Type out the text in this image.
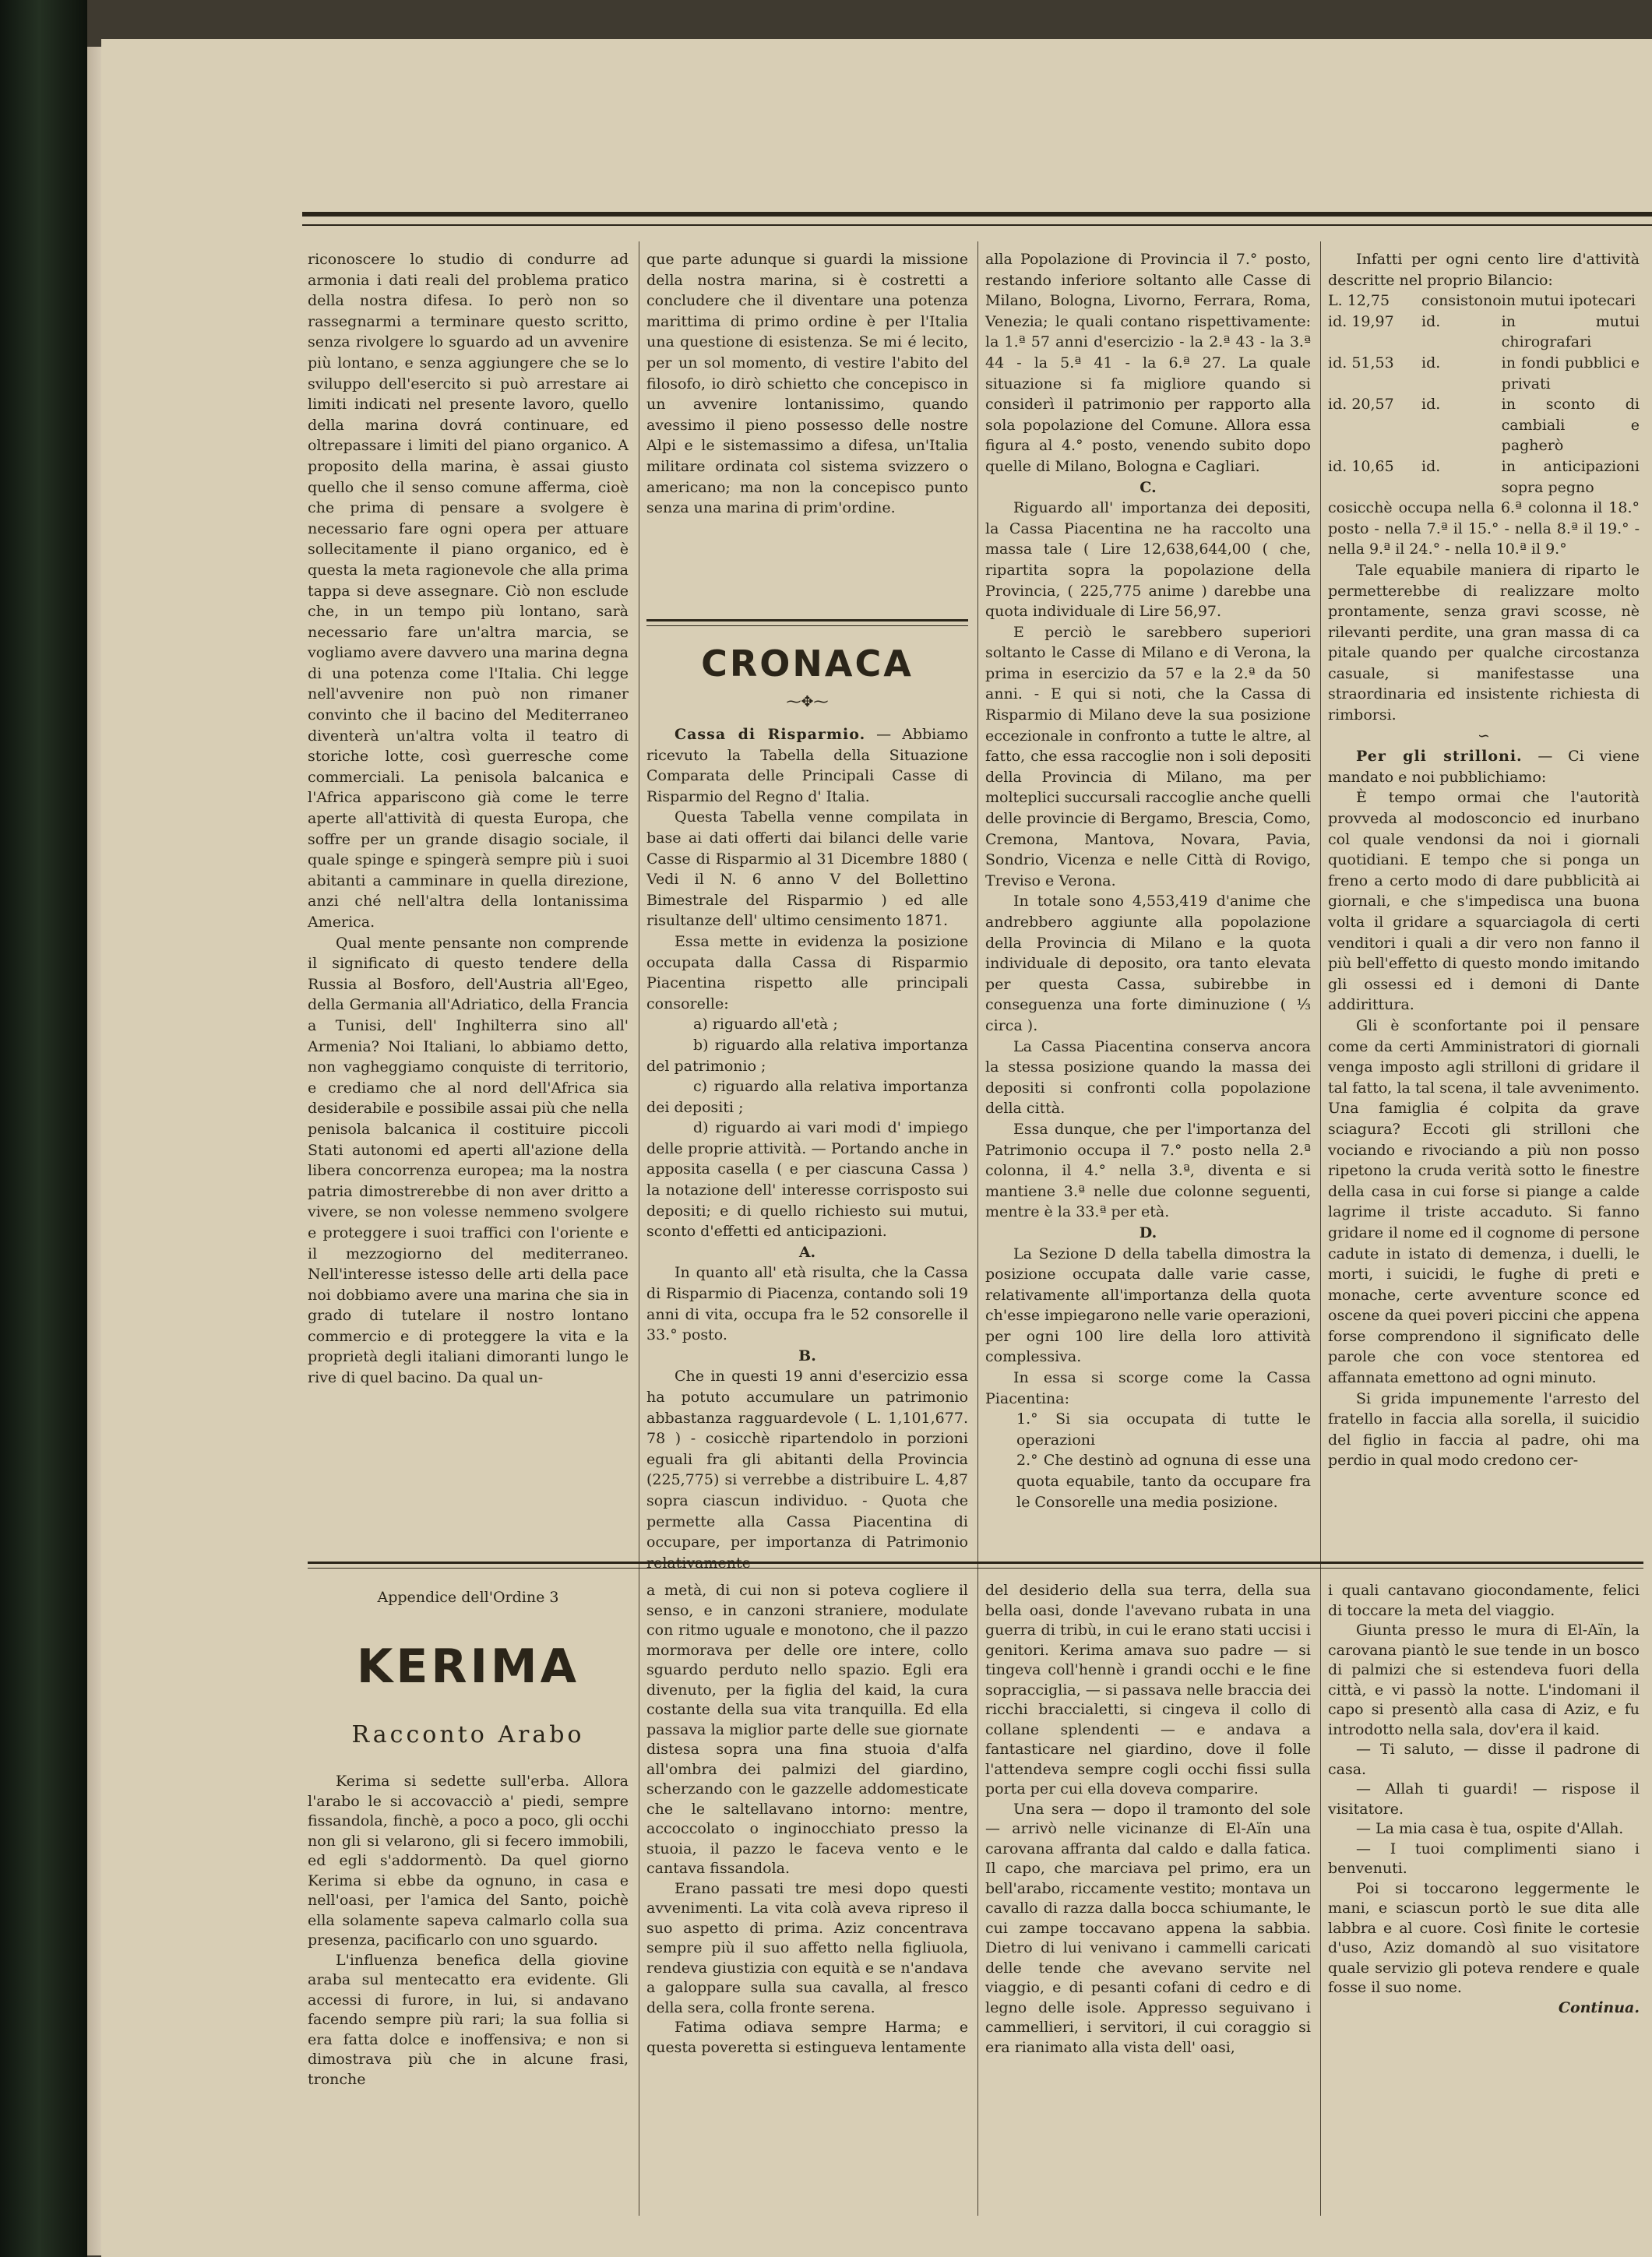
riconoscere lo studio di condurre ad armonia i dati reali del problema pratico della nostra difesa. Io però non so rassegnarmi a terminare questo scritto, senza rivolgere lo sguardo ad un avvenire più lontano, e senza aggiungere che se lo sviluppo dell'esercito si può arrestare ai limiti indicati nel presente lavoro, quello della marina dovrá continuare, ed oltrepassare i limiti del piano organico. A proposito della marina, è assai giusto quello che il senso comune afferma, cioè che prima di pensare a svolgere è necessario fare ogni opera per attuare sollecitamente il piano organico, ed è questa la meta ragionevole che alla prima tappa si deve assegnare. Ciò non esclude che, in un tempo più lontano, sarà necessario fare un'altra marcia, se vogliamo avere davvero una marina degna di una potenza come l'Italia. Chi legge nell'avvenire non può non rimaner convinto che il bacino del Mediterraneo diventerà un'altra volta il teatro di storiche lotte, così guerresche come commerciali. La penisola balcanica e l'Africa appariscono già come le terre aperte all'attività di questa Europa, che soffre per un grande disagio sociale, il quale spinge e spingerà sempre più i suoi abitanti a camminare in quella direzione, anzi ché nell'altra della lontanissima America.

Qual mente pensante non comprende il significato di questo tendere della Russia al Bosforo, dell'Austria all'Egeo, della Germania all'Adriatico, della Francia a Tunisi, dell' Inghilterra sino all' Armenia? Noi Italiani, lo abbiamo detto, non vagheggiamo conquiste di territorio, e crediamo che al nord dell'Africa sia desiderabile e possibile assai più che nella penisola balcanica il costituire piccoli Stati autonomi ed aperti all'azione della libera concorrenza europea; ma la nostra patria dimostrerebbe di non aver dritto a vivere, se non volesse nemmeno svolgere e proteggere i suoi traffici con l'oriente e il mezzogiorno del mediterraneo. Nell'interesse istesso delle arti della pace noi dobbiamo avere una marina che sia in grado di tutelare il nostro lontano commercio e di proteggere la vita e la proprietà degli italiani dimoranti lungo le rive di quel bacino. Da qual un-

que parte adunque si guardi la missione della nostra marina, si è costretti a concludere che il diventare una potenza marittima di primo ordine è per l'Italia una questione di esistenza. Se mi é lecito, per un sol momento, di vestire l'abito del filosofo, io dirò schietto che concepisco in un avvenire lontanissimo, quando avessimo il pieno possesso delle nostre Alpi e le sistemassimo a difesa, un'Italia militare ordinata col sistema svizzero o americano; ma non la concepisco punto senza una marina di prim'ordine.

CRONACA
⁓✥⁓

Cassa di Risparmio. — Abbiamo ricevuto la Tabella della Situazione Comparata delle Principali Casse di Risparmio del Regno d' Italia.

Questa Tabella venne compilata in base ai dati offerti dai bilanci delle varie Casse di Risparmio al 31 Dicembre 1880 ( Vedi il N. 6 anno V del Bollettino Bimestrale del Risparmio ) ed alle risultanze dell' ultimo censimento 1871.

Essa mette in evidenza la posizione occupata dalla Cassa di Risparmio Piacentina rispetto alle principali consorelle:

a) riguardo all'età ;

b) riguardo alla relativa importanza del patrimonio ;

c) riguardo alla relativa importanza dei depositi ;

d) riguardo ai vari modi d' impiego delle proprie attività. — Portando anche in apposita casella ( e per ciascuna Cassa ) la notazione dell' interesse corrisposto sui depositi; e di quello richiesto sui mutui, sconto d'effetti ed anticipazioni.

A.

In quanto all' età risulta, che la Cassa di Risparmio di Piacenza, contando soli 19 anni di vita, occupa fra le 52 consorelle il 33.° posto.

B.

Che in questi 19 anni d'esercizio essa ha potuto accumulare un patrimonio abbastanza ragguardevole ( L. 1,101,677. 78 ) - cosicchè ripartendolo in porzioni eguali fra gli abitanti della Provincia (225,775) si verrebbe a distribuire L. 4,87 sopra ciascun individuo. - Quota che permette alla Cassa Piacentina di occupare, per importanza di Patrimonio relativamente

alla Popolazione di Provincia il 7.° posto, restando inferiore soltanto alle Casse di Milano, Bologna, Livorno, Ferrara, Roma, Venezia; le quali contano rispettivamente: la 1.ª 57 anni d'esercizio - la 2.ª 43 - la 3.ª 44 - la 5.ª 41 - la 6.ª 27. La quale situazione si fa migliore quando si considerì il patrimonio per rapporto alla sola popolazione del Comune. Allora essa figura al 4.° posto, venendo subito dopo quelle di Milano, Bologna e Cagliari.

C.

Riguardo all' importanza dei depositi, la Cassa Piacentina ne ha raccolto una massa tale ( Lire 12,638,644,00 ( che, ripartita sopra la popolazione della Provincia, ( 225,775 anime ) darebbe una quota individuale di Lire 56,97.

E perciò le sarebbero superiori soltanto le Casse di Milano e di Verona, la prima in esercizio da 57 e la 2.ª da 50 anni. - E qui si noti, che la Cassa di Risparmio di Milano deve la sua posizione eccezionale in confronto a tutte le altre, al fatto, che essa raccoglie non i soli depositi della Provincia di Milano, ma per molteplici succursali raccoglie anche quelli delle provincie di Bergamo, Brescia, Como, Cremona, Mantova, Novara, Pavia, Sondrio, Vicenza e nelle Città di Rovigo, Treviso e Verona.

In totale sono 4,553,419 d'anime che andrebbero aggiunte alla popolazione della Provincia di Milano e la quota individuale di deposito, ora tanto elevata per questa Cassa, subirebbe in conseguenza una forte diminuzione ( ⅓ circa ).

La Cassa Piacentina conserva ancora la stessa posizione quando la massa dei depositi si confronti colla popolazione della città.

Essa dunque, che per l'importanza del Patrimonio occupa il 7.° posto nella 2.ª colonna, il 4.° nella 3.ª, diventa e si mantiene 3.ª nelle due colonne seguenti, mentre è la 33.ª per età.

D.

La Sezione D della tabella dimostra la posizione occupata dalle varie casse, relativamente all'importanza della quota ch'esse impiegarono nelle varie operazioni, per ogni 100 lire della loro attività complessiva.

In essa si scorge come la Cassa Piacentina:

1.° Si sia occupata di tutte le operazioni

2.° Che destinò ad ognuna di esse una quota equabile, tanto da occupare fra le Consorelle una media posizione.

Infatti per ogni cento lire d'attività descritte nel proprio Bilancio:

L. 12,75	consistono	in mutui ipotecari
id. 19,97	id.	in mutui chirografari
id. 51,53	id.	in fondi pubblici e privati
id. 20,57	id.	in sconto di cambiali e pagherò
id. 10,65	id.	in anticipazioni sopra pegno

cosicchè occupa nella 6.ª colonna il 18.° posto - nella 7.ª il 15.° - nella 8.ª il 19.° - nella 9.ª il 24.° - nella 10.ª il 9.°

Tale equabile maniera di riparto le permetterebbe di realizzare molto prontamente, senza gravi scosse, nè rilevanti perdite, una gran massa di ca pitale quando per qualche circostanza casuale, si manifestasse una straordinaria ed insistente richiesta di rimborsi.

∽

Per gli strilloni. — Ci viene mandato e noi pubblichiamo:

È tempo ormai che l'autorità provveda al modosconcio ed inurbano col quale vendonsi da noi i giornali quotidiani. E tempo che si ponga un freno a certo modo di dare pubblicità ai giornali, e che s'impedisca una buona volta il gridare a squarciagola di certi venditori i quali a dir vero non fanno il più bell'effetto di questo mondo imitando gli ossessi ed i demoni di Dante addirittura.

Gli è sconfortante poi il pensare come da certi Amministratori di giornali venga imposto agli strilloni di gridare il tal fatto, la tal scena, il tale avvenimento. Una famiglia é colpita da grave sciagura? Eccoti gli strilloni che vociando e rivociando a più non posso ripetono la cruda verità sotto le finestre della casa in cui forse si piange a calde lagrime il triste accaduto. Si fanno gridare il nome ed il cognome di persone cadute in istato di demenza, i duelli, le morti, i suicidi, le fughe di preti e monache, certe avventure sconce ed oscene da quei poveri piccini che appena forse comprendono il significato delle parole che con voce stentorea ed affannata emettono ad ogni minuto.

Si grida impunemente l'arresto del fratello in faccia alla sorella, il suicidio del figlio in faccia al padre, ohi ma perdio in qual modo credono cer-

Appendice dell'Ordine 3
KERIMA
Racconto Arabo

Kerima si sedette sull'erba. Allora l'arabo le si accovacciò a' piedi, sempre fissandola, finchè, a poco a poco, gli occhi non gli si velarono, gli si fecero immobili, ed egli s'addormentò. Da quel giorno Kerima si ebbe da ognuno, in casa e nell'oasi, per l'amica del Santo, poichè ella solamente sapeva calmarlo colla sua presenza, pacificarlo con uno sguardo.

L'influenza benefica della giovine araba sul mentecatto era evidente. Gli accessi di furore, in lui, si andavano facendo sempre più rari; la sua follia si era fatta dolce e inoffensiva; e non si dimostrava più che in alcune frasi, tronche

a metà, di cui non si poteva cogliere il senso, e in canzoni straniere, modulate con ritmo uguale e monotono, che il pazzo mormorava per delle ore intere, collo sguardo perduto nello spazio. Egli era divenuto, per la figlia del kaid, la cura costante della sua vita tranquilla. Ed ella passava la miglior parte delle sue giornate distesa sopra una fina stuoia d'alfa all'ombra dei palmizi del giardino, scherzando con le gazzelle addomesticate che le saltellavano intorno: mentre, accoccolato o inginocchiato presso la stuoia, il pazzo le faceva vento e le cantava fissandola.

Erano passati tre mesi dopo questi avvenimenti. La vita colà aveva ripreso il suo aspetto di prima. Aziz concentrava sempre più il suo affetto nella figliuola, rendeva giustizia con equità e se n'andava a galoppare sulla sua cavalla, al fresco della sera, colla fronte serena.

Fatima odiava sempre Harma; e questa poveretta si estingueva lentamente

del desiderio della sua terra, della sua bella oasi, donde l'avevano rubata in una guerra di tribù, in cui le erano stati uccisi i genitori. Kerima amava suo padre — si tingeva coll'hennè i grandi occhi e le fine sopracciglia, — si passava nelle braccia dei ricchi braccialetti, si cingeva il collo di collane splendenti — e andava a fantasticare nel giardino, dove il folle l'attendeva sempre cogli occhi fissi sulla porta per cui ella doveva comparire.

Una sera — dopo il tramonto del sole — arrivò nelle vicinanze di El-Aïn una carovana affranta dal caldo e dalla fatica. Il capo, che marciava pel primo, era un bell'arabo, riccamente vestito; montava un cavallo di razza dalla bocca schiumante, le cui zampe toccavano appena la sabbia. Dietro di lui venivano i cammelli caricati delle tende che avevano servite nel viaggio, e di pesanti cofani di cedro e di legno delle isole. Appresso seguivano i cammellieri, i servitori, il cui coraggio si era rianimato alla vista dell' oasi,

i quali cantavano giocondamente, felici di toccare la meta del viaggio.

Giunta presso le mura di El-Aïn, la carovana piantò le sue tende in un bosco di palmizi che si estendeva fuori della città, e vi passò la notte. L'indomani il capo si presentò alla casa di Aziz, e fu introdotto nella sala, dov'era il kaid.

— Ti saluto, — disse il padrone di casa.

— Allah ti guardi! — rispose il visitatore.

— La mia casa è tua, ospite d'Allah.

— I tuoi complimenti siano i benvenuti.

Poi si toccarono leggermente le mani, e sciascun portò le sue dita alle labbra e al cuore. Così finite le cortesie d'uso, Aziz domandò al suo visitatore quale servizio gli poteva rendere e quale fosse il suo nome.

Continua.
